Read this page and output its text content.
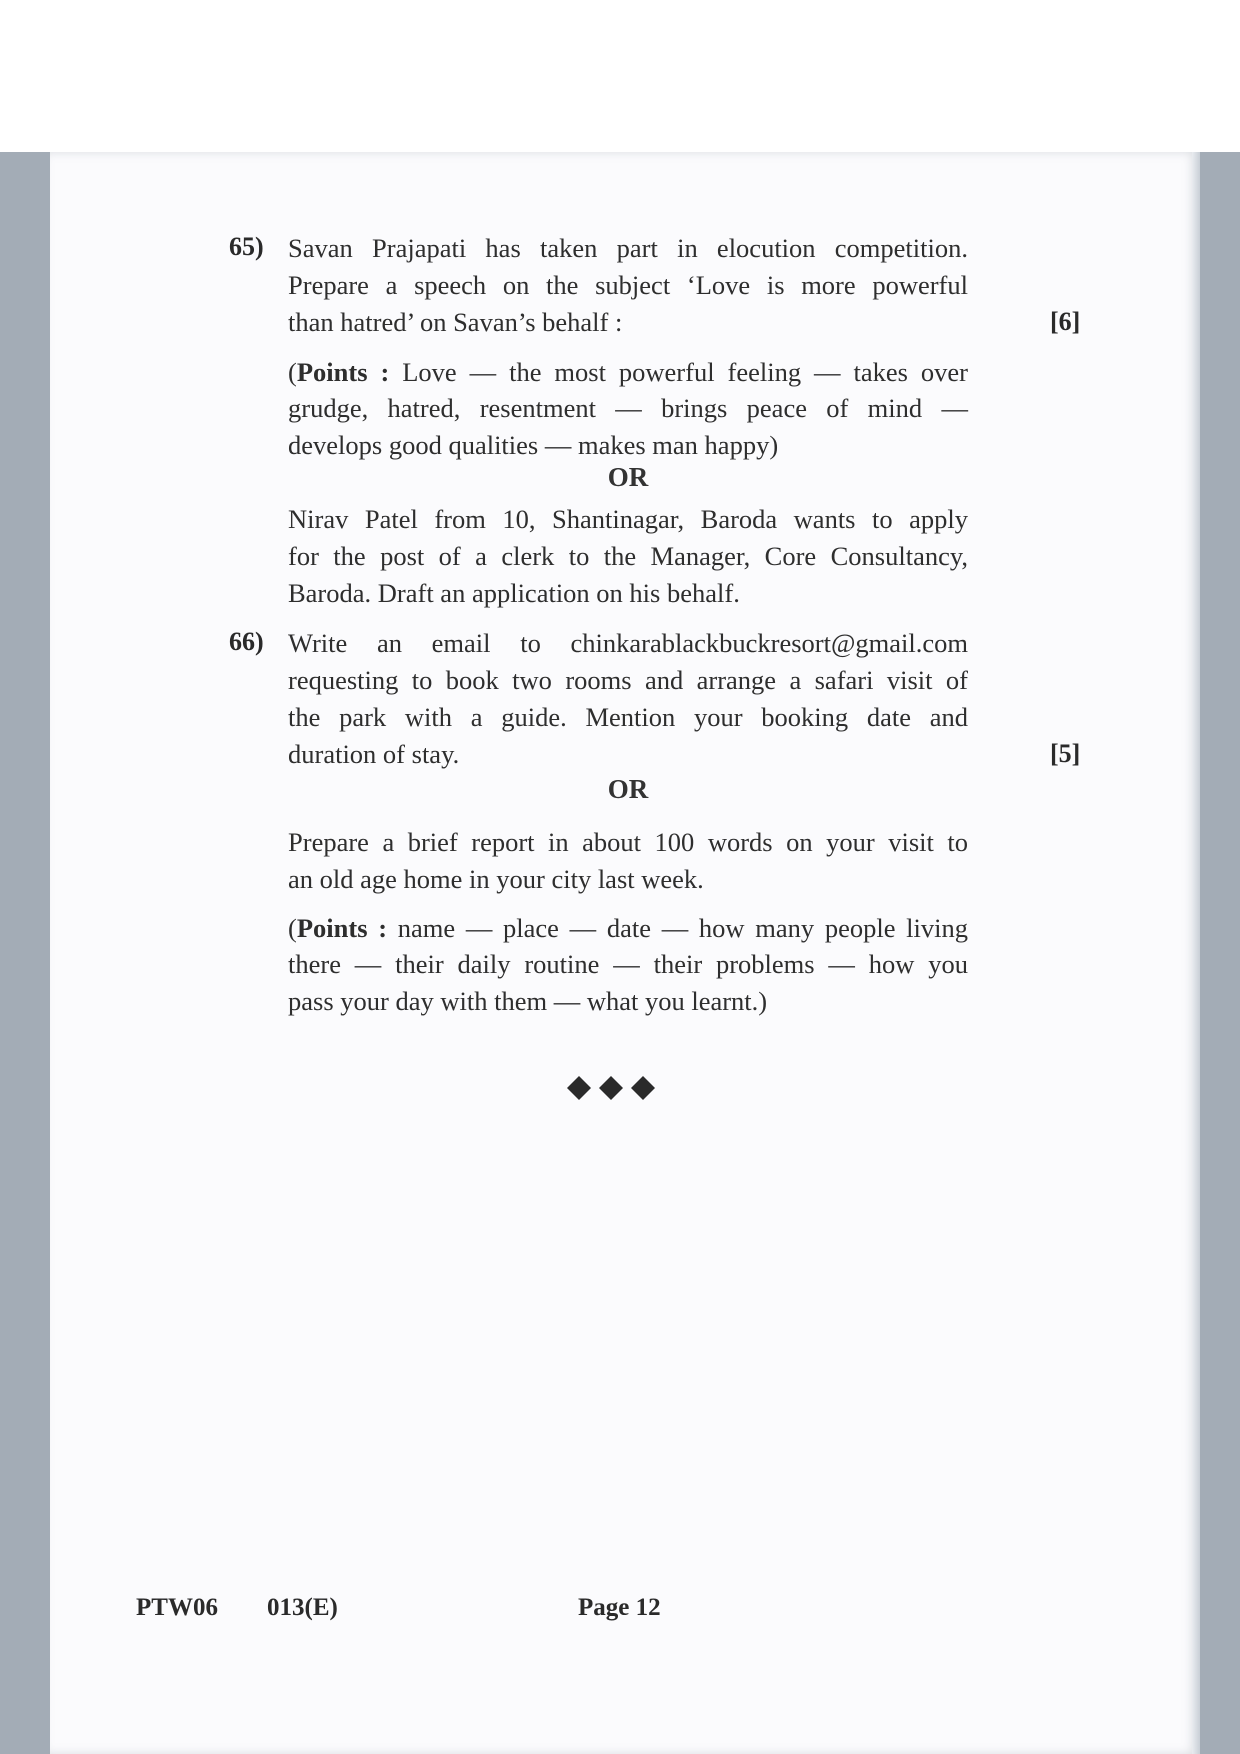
65) Savan Prajapati has taken part in elocution competition.
Prepare a speech on the subject ‘Love is more powerful
than hatred’ on Savan’s behalf :	[6]
(Points : Love — the most powerful feeling — takes over
grudge, hatred, resentment — brings peace of mind —
develops good qualities — makes man happy)
OR
Nirav Patel from 10, Shantinagar, Baroda wants to apply
for the post of a clerk to the Manager, Core Consultancy,
Baroda. Draft an application on his behalf.
66) Write an email to chinkarablackbuckresort@gmail.com
requesting to book two rooms and arrange a safari visit of
the park with a guide. Mention your booking date and
duration of stay.	[5]
OR
Prepare a brief report in about 100 words on your visit to
an old age home in your city last week.
(Points : name — place — date — how many people living
there — their daily routine — their problems — how you
pass your day with them — what you learnt.)
PTW06 013(E)	Page 12
